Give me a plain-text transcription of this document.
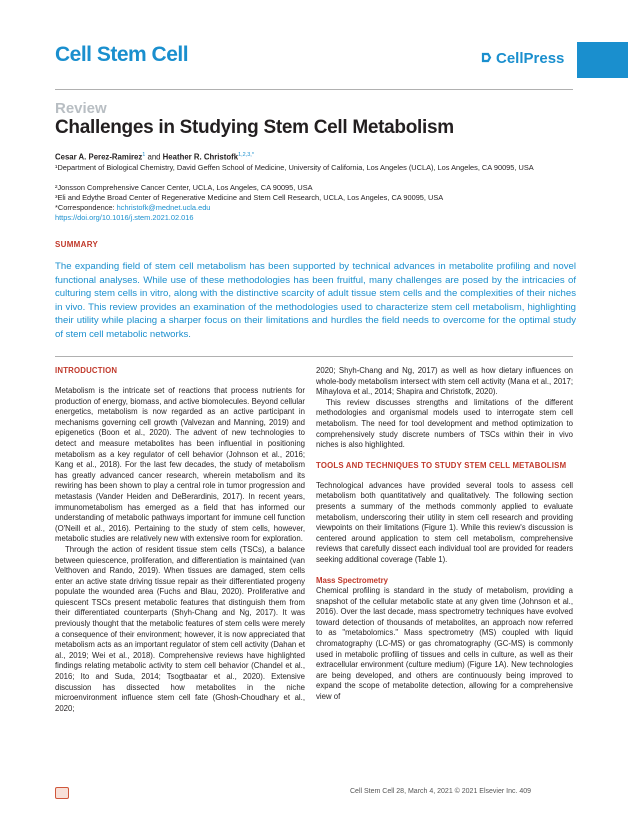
Cell Stem Cell	CellPress
Review
Challenges in Studying Stem Cell Metabolism
Cesar A. Perez-Ramirez$^1$ and Heather R. Christofk$^{1,2,3,*}$
¹Department of Biological Chemistry, David Geffen School of Medicine, University of California, Los Angeles (UCLA), Los Angeles, CA 90095, USA
²Jonsson Comprehensive Cancer Center, UCLA, Los Angeles, CA 90095, USA
³Eli and Edythe Broad Center of Regenerative Medicine and Stem Cell Research, UCLA, Los Angeles, CA 90095, USA
*Correspondence: hchristofk@mednet.ucla.edu
https://doi.org/10.1016/j.stem.2021.02.016
SUMMARY
The expanding field of stem cell metabolism has been supported by technical advances in metabolite profiling and novel functional analyses. While use of these methodologies has been fruitful, many challenges are posed by the intricacies of culturing stem cells in vitro, along with the distinctive scarcity of adult tissue stem cells and the complexities of their niches in vivo. This review provides an examination of the methodologies used to characterize stem cell metabolism, highlighting their utility while placing a sharper focus on their limitations and hurdles the field needs to overcome for the optimal study of stem cell metabolic networks.
INTRODUCTION

Metabolism is the intricate set of reactions that process nutrients for production of energy, biomass, and active biomolecules. Beyond cellular energetics, metabolism is now regarded as an active participant in mechanisms governing cell growth (Valvezan and Manning, 2019) and epigenetics (Boon et al., 2020). The advent of new technologies to detect and measure metabolites has been influential in positioning metabolism as a key regulator of cell behavior (Johnson et al., 2016; Kang et al., 2018). For the last few decades, the study of metabolism has greatly advanced cancer research, wherein metabolism and its rewiring has been shown to play a central role in tumor progression and metastasis (Vander Heiden and DeBerardinis, 2017). In recent years, immunometabolism has emerged as a field that has informed our understanding of metabolic pathways important for immune cell function (O'Neill et al., 2016). Pertaining to the study of stem cells, however, metabolic studies are relatively new with extensive room for exploration.

Through the action of resident tissue stem cells (TSCs), a balance between quiescence, proliferation, and differentiation is maintained (van Velthoven and Rando, 2019). When tissues are damaged, stem cells enter an active state driving tissue repair as their differentiated progeny populate the wounded area (Fuchs and Blau, 2020). Proliferative and quiescent TSCs present metabolic features that distinguish them from their differentiated counterparts (Shyh-Chang and Ng, 2017). It was previously thought that the metabolic features of stem cells were merely a consequence of their environment; however, it is now appreciated that metabolism acts as an important regulator of stem cell activity (Dahan et al., 2019; Wei et al., 2018). Comprehensive reviews have highlighted findings relating metabolic activity to stem cell behavior (Chandel et al., 2016; Ito and Suda, 2014; Tsogtbaatar et al., 2020). Extensive discussion has dissected how metabolites in the niche microenvironment influence stem cell fate (Ghosh-Choudhary et al., 2020;

2020; Shyh-Chang and Ng, 2017) as well as how dietary influences on whole-body metabolism intersect with stem cell activity (Mana et al., 2017; Mihaylova et al., 2014; Shapira and Christofk, 2020).

This review discusses strengths and limitations of the different methodologies and organismal models used to interrogate stem cell metabolism. The need for tool development and method optimization to comprehensively study discrete numbers of TSCs within their in vivo niches is also highlighted.

TOOLS AND TECHNIQUES TO STUDY STEM CELL METABOLISM

Technological advances have provided several tools to assess cell metabolism both quantitatively and qualitatively. The following section presents a summary of the methods commonly applied to evaluate metabolism, underscoring their utility in stem cell research and providing viewpoints on their limitations (Figure 1). While this review's discussion is centered around application to stem cell metabolism, comprehensive reviews that carefully dissect each individual tool are provided for readers seeking additional coverage (Table 1).

Mass Spectrometry

Chemical profiling is standard in the study of metabolism, providing a snapshot of the cellular metabolic state at any given time (Johnson et al., 2016). Over the last decade, mass spectrometry techniques have evolved toward detection of thousands of metabolites, an approach now referred to as "metabolomics." Mass spectrometry (MS) coupled with liquid chromatography (LC-MS) or gas chromatography (GC-MS) is commonly used in metabolic profiling of tissues and cells in culture, as well as their extracellular environment (culture medium) (Figure 1A). New technologies are being developed, and others are continuously being improved to expand the scope of metabolite detection, allowing for a comprehensive view of

Cell Stem Cell 28, March 4, 2021 © 2021 Elsevier Inc. 409
